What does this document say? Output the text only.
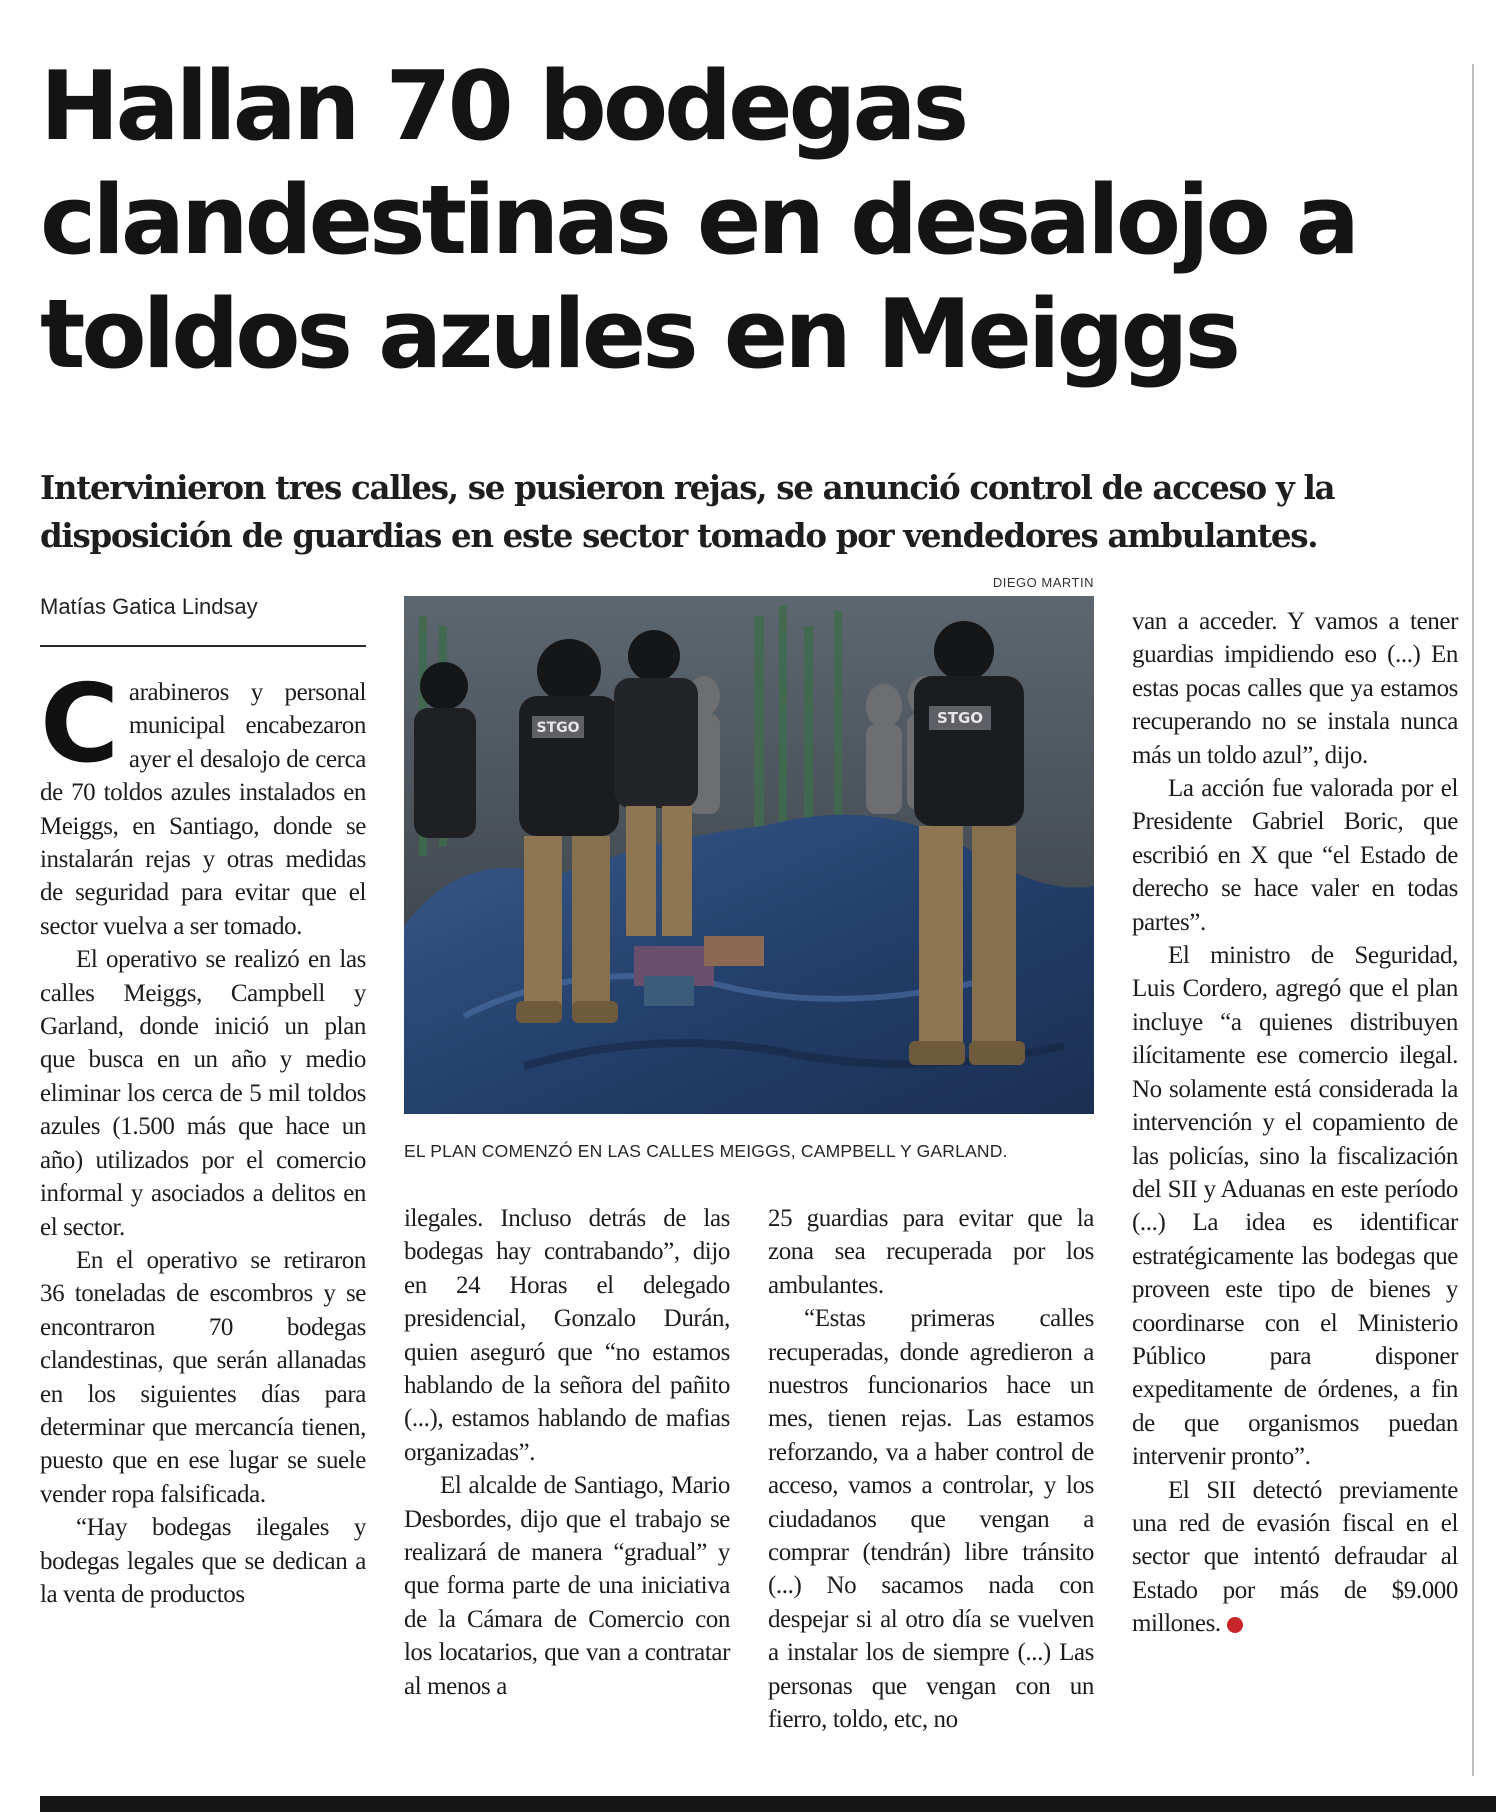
Hallan 70 bodegas clandestinas en desalojo a toldos azules en Meiggs
Intervinieron tres calles, se pusieron rejas, se anunció control de acceso y la disposición de guardias en este sector tomado por vendedores ambulantes.
Matías Gatica Lindsay

Carabineros y personal municipal encabezaron ayer el desalojo de cerca de 70 toldos azules instalados en Meiggs, en Santiago, donde se instalarán rejas y otras medidas de seguridad para evitar que el sector vuelva a ser tomado.

El operativo se realizó en las calles Meiggs, Campbell y Garland, donde inició un plan que busca en un año y medio eliminar los cerca de 5 mil toldos azules (1.500 más que hace un año) utilizados por el comercio informal y asociados a delitos en el sector.

En el operativo se retiraron 36 toneladas de escombros y se encontraron 70 bodegas clandestinas, que serán allanadas en los siguientes días para determinar que mercancía tienen, puesto que en ese lugar se suele vender ropa falsificada.

“Hay bodegas ilegales y bodegas legales que se dedican a la venta de productos

DIEGO MARTIN
STGO
STGO
EL PLAN COMENZÓ EN LAS CALLES MEIGGS, CAMPBELL Y GARLAND.

ilegales. Incluso detrás de las bodegas hay contrabando”, dijo en 24 Horas el delegado presidencial, Gonzalo Durán, quien aseguró que “no estamos hablando de la señora del pañito (...), estamos hablando de mafias organizadas”.

El alcalde de Santiago, Mario Desbordes, dijo que el trabajo se realizará de manera “gradual” y que forma parte de una iniciativa de la Cámara de Comercio con los locatarios, que van a contratar al menos a

25 guardias para evitar que la zona sea recuperada por los ambulantes.

“Estas primeras calles recuperadas, donde agredieron a nuestros funcionarios hace un mes, tienen rejas. Las estamos reforzando, va a haber control de acceso, vamos a controlar, y los ciudadanos que vengan a comprar (tendrán) libre tránsito (...) No sacamos nada con despejar si al otro día se vuelven a instalar los de siempre (...) Las personas que vengan con un fierro, toldo, etc, no

van a acceder. Y vamos a tener guardias impidiendo eso (...) En estas pocas calles que ya estamos recuperando no se instala nunca más un toldo azul”, dijo.

La acción fue valorada por el Presidente Gabriel Boric, que escribió en X que “el Estado de derecho se hace valer en todas partes”.

El ministro de Seguridad, Luis Cordero, agregó que el plan incluye “a quienes distribuyen ilícitamente ese comercio ilegal. No solamente está considerada la intervención y el copamiento de las policías, sino la fiscalización del SII y Aduanas en este período (...) La idea es identificar estratégicamente las bodegas que proveen este tipo de bienes y coordinarse con el Ministerio Público para disponer expeditamente de órdenes, a fin de que organismos puedan intervenir pronto”.

El SII detectó previamente una red de evasión fiscal en el sector que intentó defraudar al Estado por más de $9.000 millones.	✪
